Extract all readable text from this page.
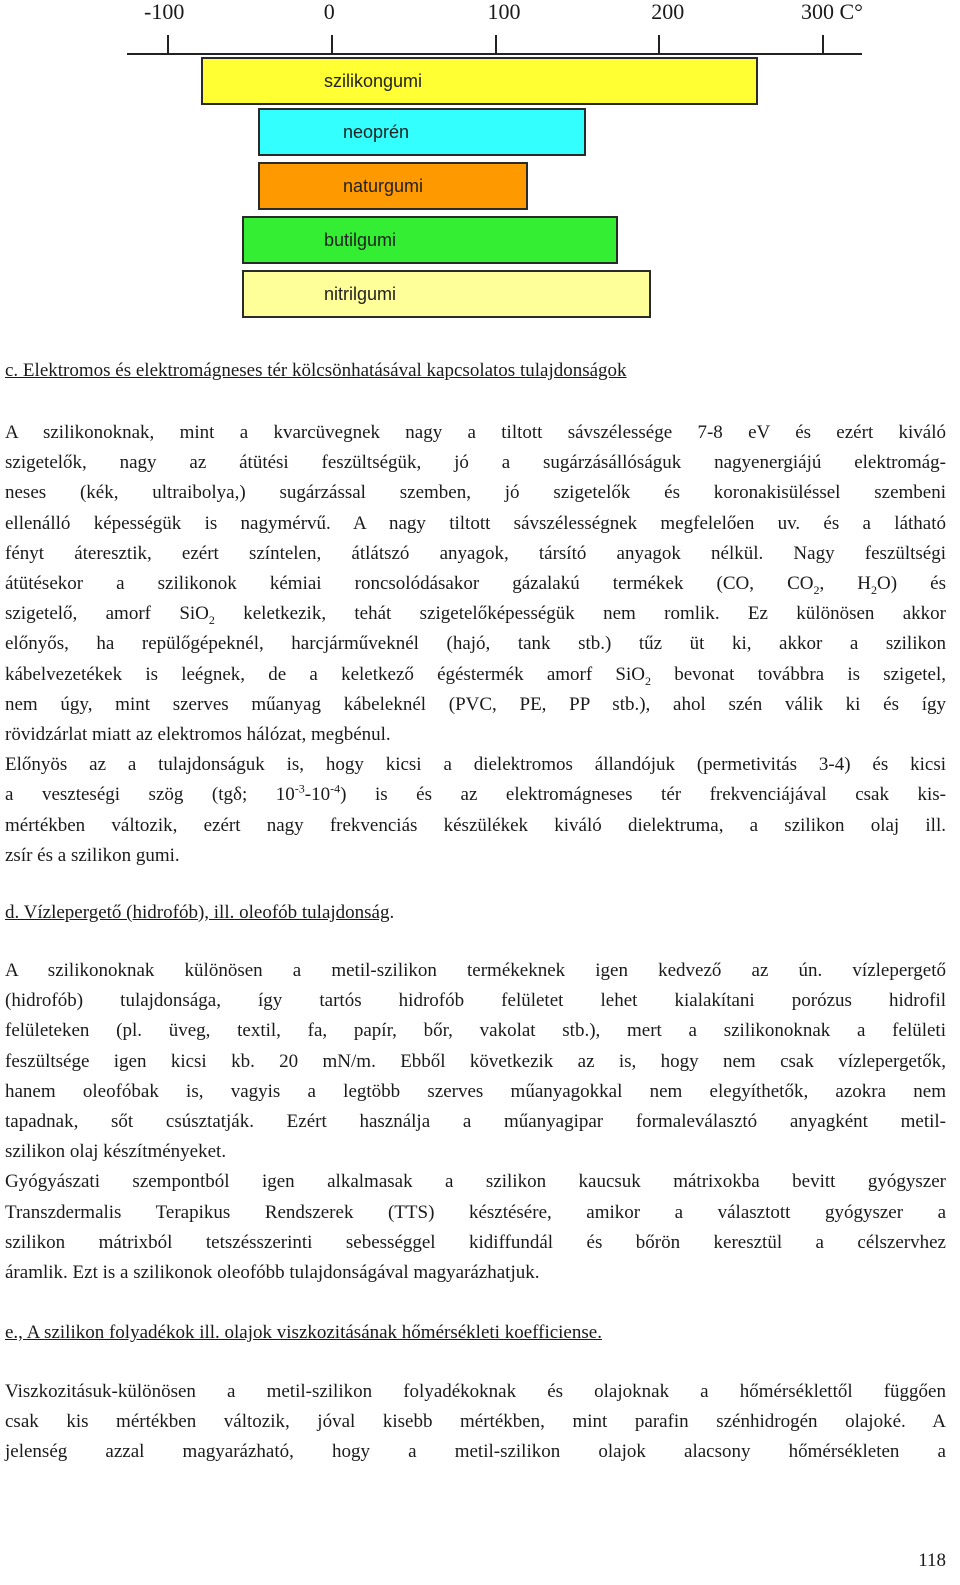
-100	0	100	200	300 C°
szilikongumi
neoprén
naturgumi
butilgumi
nitrilgumi
c. Elektromos és elektromágneses tér kölcsönhatásával kapcsolatos tulajdonságok
A szilikonoknak, mint a kvarcüvegnek nagy a tiltott sávszélessége 7-8 eV és ezért kiváló
szigetelők, nagy az átütési feszültségük, jó a sugárzásállóságuk nagyenergiájú elektromág-
neses (kék, ultraibolya,) sugárzással szemben, jó szigetelők és koronakisüléssel szembeni
ellenálló képességük is nagymérvű. A nagy tiltott sávszélességnek megfelelően uv. és a látható
fényt áteresztik, ezért színtelen, átlátszó anyagok, társító anyagok nélkül. Nagy feszültségi
átütésekor a szilikonok kémiai roncsolódásakor gázalakú termékek (CO, $CO_2$, $H_2O$) és
szigetelő, amorf SiO$_2$ keletkezik, tehát szigetelőképességük nem romlik. Ez különösen akkor
előnyős, ha repülőgépeknél, harcjárműveknél (hajó, tank stb.) tűz üt ki, akkor a szilikon
kábelvezetékek is leégnek, de a keletkező égéstermék amorf SiO$_2$ bevonat továbbra is szigetel,
nem úgy, mint szerves műanyag kábeleknél (PVC, PE, PP stb.), ahol szén válik ki és így
rövidzárlat miatt az elektromos hálózat, megbénul.
Előnyös az a tulajdonságuk is, hogy kicsi a dielektromos állandójuk (permetivitás 3-4) és kicsi
a veszteségi szög (tgδ; $10^{-3}-10^{-4}$) is és az elektromágneses tér frekvenciájával csak kis-
mértékben változik, ezért nagy frekvenciás készülékek kiváló dielektruma, a szilikon olaj ill.
zsír és a szilikon gumi.
d. Vízlepergető (hidrofób), ill. oleofób tulajdonság.
A szilikonoknak különösen a metil-szilikon termékeknek igen kedvező az ún. vízlepergető
(hidrofób) tulajdonsága, így tartós hidrofób felületet lehet kialakítani porózus hidrofil
felületeken (pl. üveg, textil, fa, papír, bőr, vakolat stb.), mert a szilikonoknak a felületi
feszültsége igen kicsi kb. 20 mN/m. Ebből következik az is, hogy nem csak vízlepergetők,
hanem oleofóbak is, vagyis a legtöbb szerves műanyagokkal nem elegyíthetők, azokra nem
tapadnak, sőt csúsztatják. Ezért használja a műanyagipar formaleválasztó anyagként metil-
szilikon olaj készítményeket.
Gyógyászati szempontból igen alkalmasak a szilikon kaucsuk mátrixokba bevitt gyógyszer
Transzdermalis Terapikus Rendszerek (TTS) késztésére, amikor a választott gyógyszer a
szilikon mátrixból tetszésszerinti sebességgel kidiffundál és bőrön keresztül a célszervhez
áramlik. Ezt is a szilikonok oleofóbb tulajdonságával magyarázhatjuk.
e., A szilikon folyadékok ill. olajok viszkozitásának hőmérsékleti koefficiense.
Viszkozitásuk-különösen a metil-szilikon folyadékoknak és olajoknak a hőmérséklettől függően
csak kis mértékben változik, jóval kisebb mértékben, mint parafin szénhidrogén olajoké. A
jelenség azzal magyarázható, hogy a metil-szilikon olajok alacsony hőmérsékleten a
118
